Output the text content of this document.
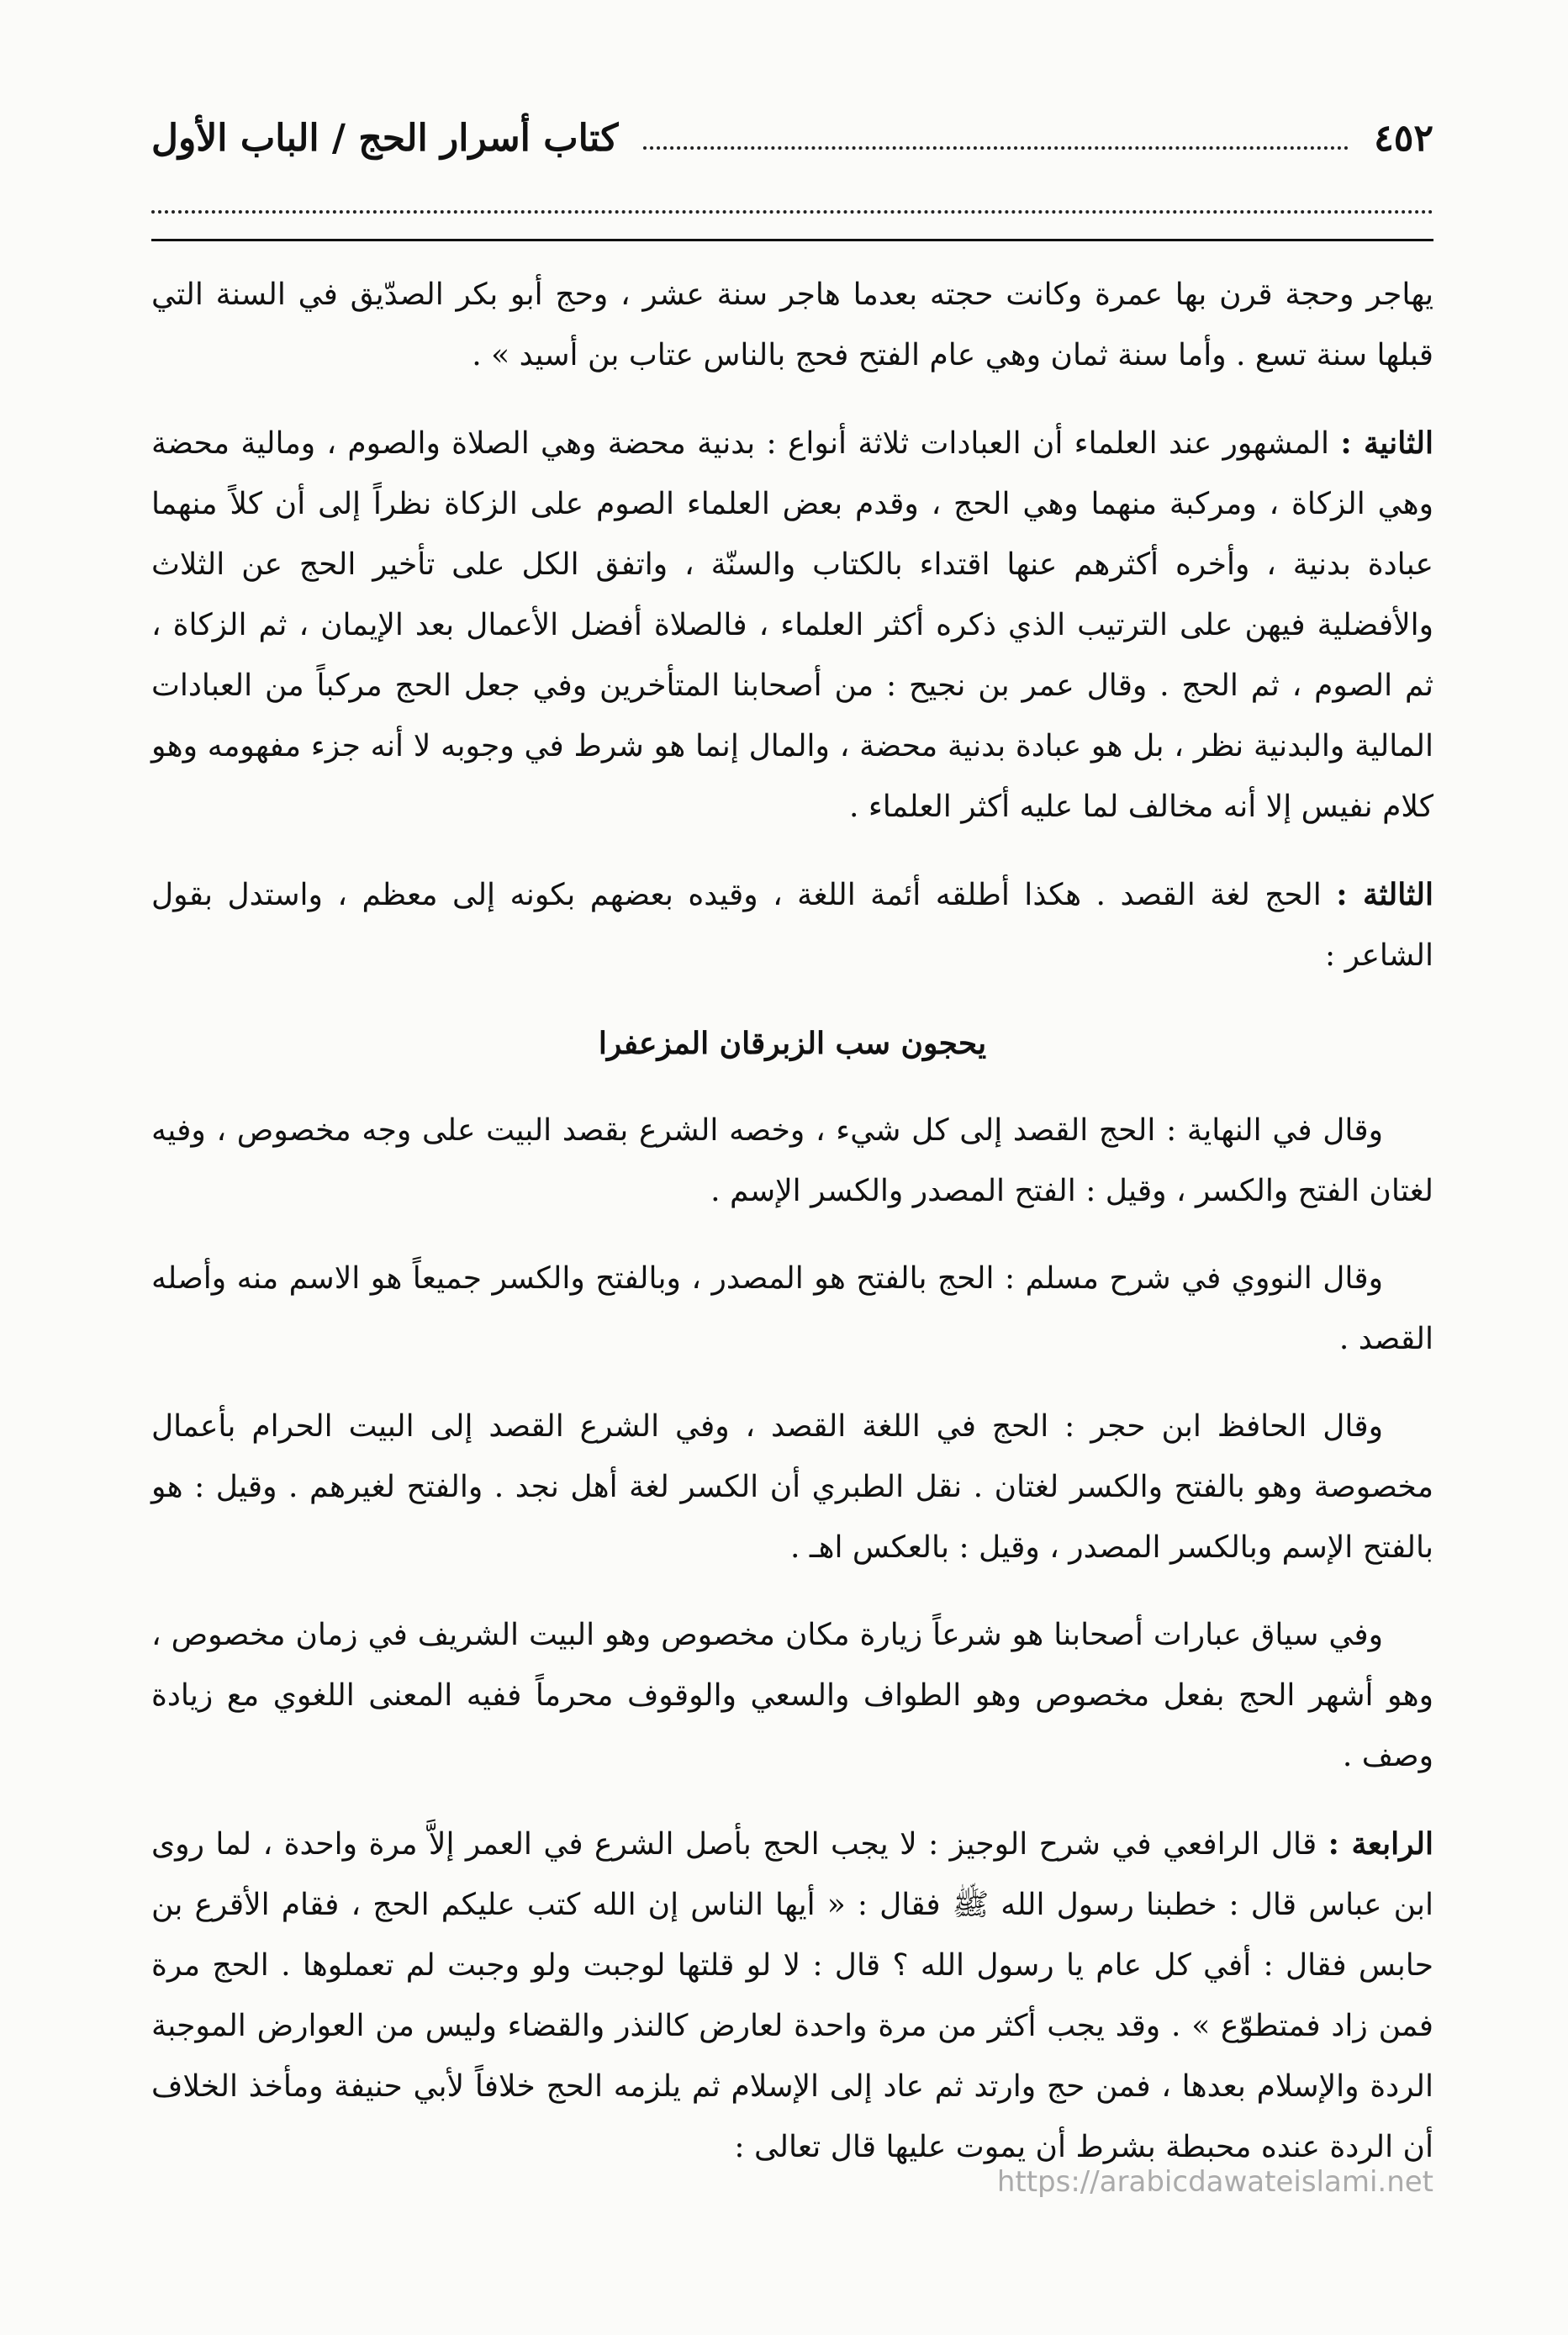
٤٥٢
كتاب أسرار الحج / الباب الأول

يهاجر وحجة قرن بها عمرة وكانت حجته بعدما هاجر سنة عشر ، وحج أبو بكر الصدّيق في السنة التي قبلها سنة تسع . وأما سنة ثمان وهي عام الفتح فحج بالناس عتاب بن أسيد » .

الثانية : المشهور عند العلماء أن العبادات ثلاثة أنواع : بدنية محضة وهي الصلاة والصوم ، ومالية محضة وهي الزكاة ، ومركبة منهما وهي الحج ، وقدم بعض العلماء الصوم على الزكاة نظراً إلى أن كلاً منهما عبادة بدنية ، وأخره أكثرهم عنها اقتداء بالكتاب والسنّة ، واتفق الكل على تأخير الحج عن الثلاث والأفضلية فيهن على الترتيب الذي ذكره أكثر العلماء ، فالصلاة أفضل الأعمال بعد الإيمان ، ثم الزكاة ، ثم الصوم ، ثم الحج . وقال عمر بن نجيح : من أصحابنا المتأخرين وفي جعل الحج مركباً من العبادات المالية والبدنية نظر ، بل هو عبادة بدنية محضة ، والمال إنما هو شرط في وجوبه لا أنه جزء مفهومه وهو كلام نفيس إلا أنه مخالف لما عليه أكثر العلماء .

الثالثة : الحج لغة القصد . هكذا أطلقه أئمة اللغة ، وقيده بعضهم بكونه إلى معظم ، واستدل بقول الشاعر :

يحجون سب الزبرقان المزعفرا

وقال في النهاية : الحج القصد إلى كل شيء ، وخصه الشرع بقصد البيت على وجه مخصوص ، وفيه لغتان الفتح والكسر ، وقيل : الفتح المصدر والكسر الإسم .

وقال النووي في شرح مسلم : الحج بالفتح هو المصدر ، وبالفتح والكسر جميعاً هو الاسم منه وأصله القصد .

وقال الحافظ ابن حجر : الحج في اللغة القصد ، وفي الشرع القصد إلى البيت الحرام بأعمال مخصوصة وهو بالفتح والكسر لغتان . نقل الطبري أن الكسر لغة أهل نجد . والفتح لغيرهم . وقيل : هو بالفتح الإسم وبالكسر المصدر ، وقيل : بالعكس اهـ .

وفي سياق عبارات أصحابنا هو شرعاً زيارة مكان مخصوص وهو البيت الشريف في زمان مخصوص ، وهو أشهر الحج بفعل مخصوص وهو الطواف والسعي والوقوف محرماً ففيه المعنى اللغوي مع زيادة وصف .

الرابعة : قال الرافعي في شرح الوجيز : لا يجب الحج بأصل الشرع في العمر إلاَّ مرة واحدة ، لما روى ابن عباس قال : خطبنا رسول الله ﷺ فقال : « أيها الناس إن الله كتب عليكم الحج ، فقام الأقرع بن حابس فقال : أفي كل عام يا رسول الله ؟ قال : لا لو قلتها لوجبت ولو وجبت لم تعملوها . الحج مرة فمن زاد فمتطوّع » . وقد يجب أكثر من مرة واحدة لعارض كالنذر والقضاء وليس من العوارض الموجبة الردة والإسلام بعدها ، فمن حج وارتد ثم عاد إلى الإسلام ثم يلزمه الحج خلافاً لأبي حنيفة ومأخذ الخلاف أن الردة عنده محبطة بشرط أن يموت عليها قال تعالى :

https://arabicdawateislami.net
